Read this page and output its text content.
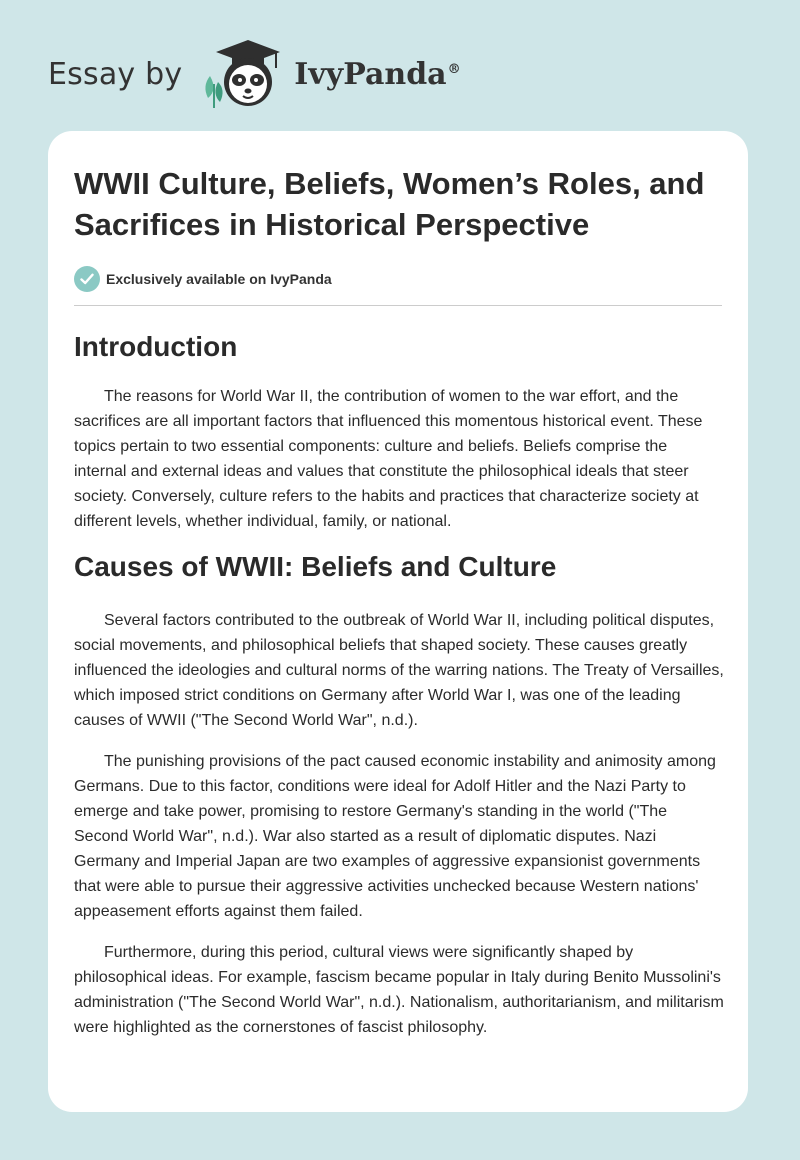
Essay by	IvyPanda®
WWII Culture, Beliefs, Women’s Roles, and Sacrifices in Historical Perspective
Exclusively available on IvyPanda
Introduction

The reasons for World War II, the contribution of women to the war effort, and the sacrifices are all important factors that influenced this momentous historical event. These topics pertain to two essential components: culture and beliefs. Beliefs comprise the internal and external ideas and values that constitute the philosophical ideals that steer society. Conversely, culture refers to the habits and practices that characterize society at different levels, whether individual, family, or national.

Causes of WWII: Beliefs and Culture

Several factors contributed to the outbreak of World War II, including political disputes, social movements, and philosophical beliefs that shaped society. These causes greatly influenced the ideologies and cultural norms of the warring nations. The Treaty of Versailles, which imposed strict conditions on Germany after World War I, was one of the leading causes of WWII ("The Second World War", n.d.).

The punishing provisions of the pact caused economic instability and animosity among Germans. Due to this factor, conditions were ideal for Adolf Hitler and the Nazi Party to emerge and take power, promising to restore Germany's standing in the world ("The Second World War", n.d.). War also started as a result of diplomatic disputes. Nazi Germany and Imperial Japan are two examples of aggressive expansionist governments that were able to pursue their aggressive activities unchecked because Western nations' appeasement efforts against them failed.

Furthermore, during this period, cultural views were significantly shaped by philosophical ideas. For example, fascism became popular in Italy during Benito Mussolini's administration ("The Second World War", n.d.). Nationalism, authoritarianism, and militarism were highlighted as the cornerstones of fascist philosophy.
